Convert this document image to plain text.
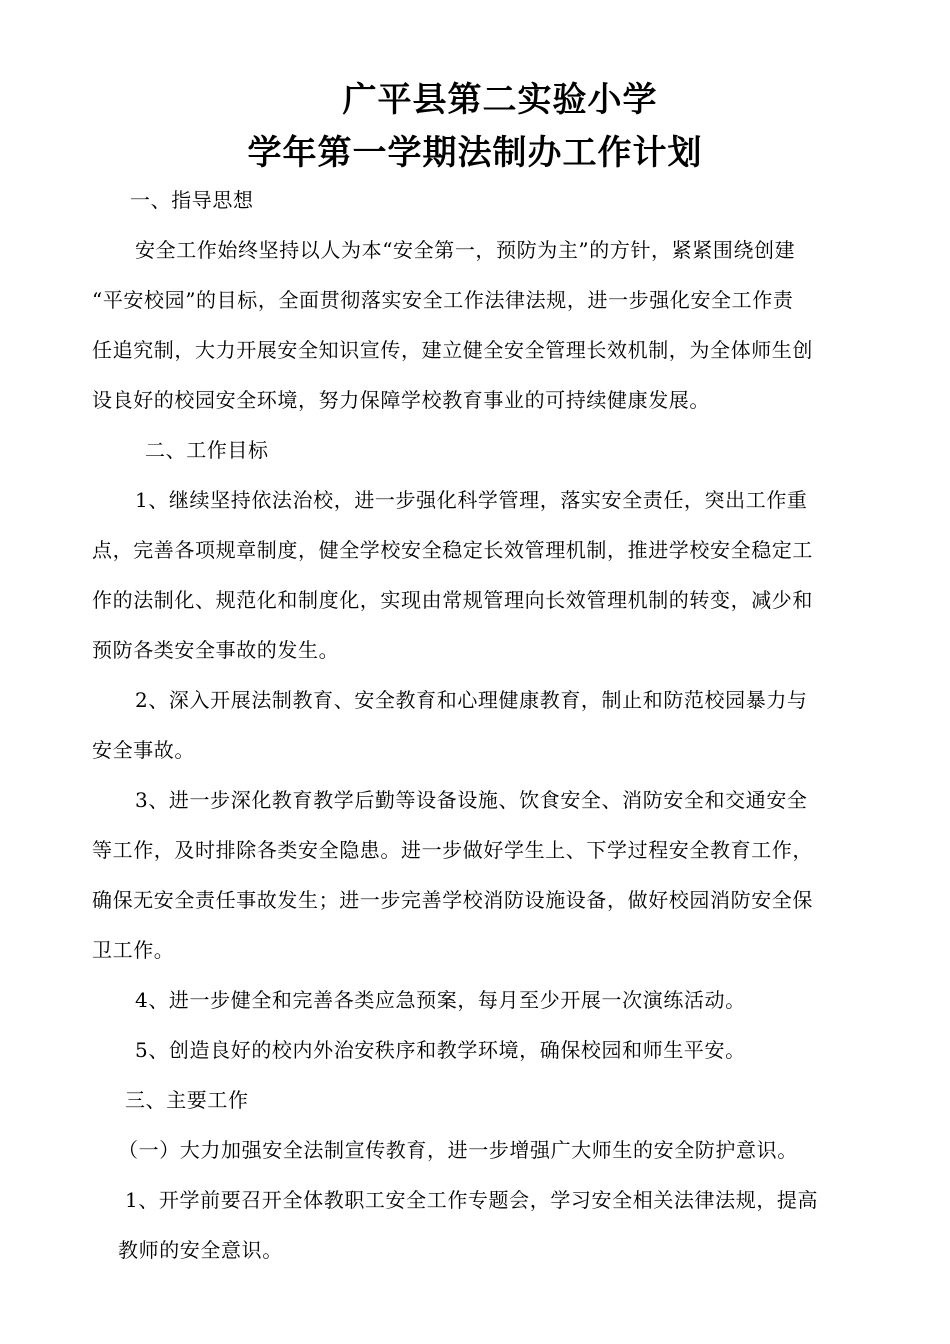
广平县第二实验小学
学年第一学期法制办工作计划
一、指导思想
安全工作始终坚持以人为本“安全第一，预防为主”的方针，紧紧围绕创建
“平安校园”的目标，全面贯彻落实安全工作法律法规，进一步强化安全工作责
任追究制，大力开展安全知识宣传，建立健全安全管理长效机制，为全体师生创
设良好的校园安全环境，努力保障学校教育事业的可持续健康发展。
二、工作目标
1、继续坚持依法治校，进一步强化科学管理，落实安全责任，突出工作重
点，完善各项规章制度，健全学校安全稳定长效管理机制，推进学校安全稳定工
作的法制化、规范化和制度化，实现由常规管理向长效管理机制的转变，减少和
预防各类安全事故的发生。
2、深入开展法制教育、安全教育和心理健康教育，制止和防范校园暴力与
安全事故。
3、进一步深化教育教学后勤等设备设施、饮食安全、消防安全和交通安全
等工作，及时排除各类安全隐患。进一步做好学生上、下学过程安全教育工作，
确保无安全责任事故发生；进一步完善学校消防设施设备，做好校园消防安全保
卫工作。
4、进一步健全和完善各类应急预案，每月至少开展一次演练活动。
5、创造良好的校内外治安秩序和教学环境，确保校园和师生平安。
三、主要工作
（一）大力加强安全法制宣传教育，进一步增强广大师生的安全防护意识。
1、开学前要召开全体教职工安全工作专题会，学习安全相关法律法规，提高
教师的安全意识。
